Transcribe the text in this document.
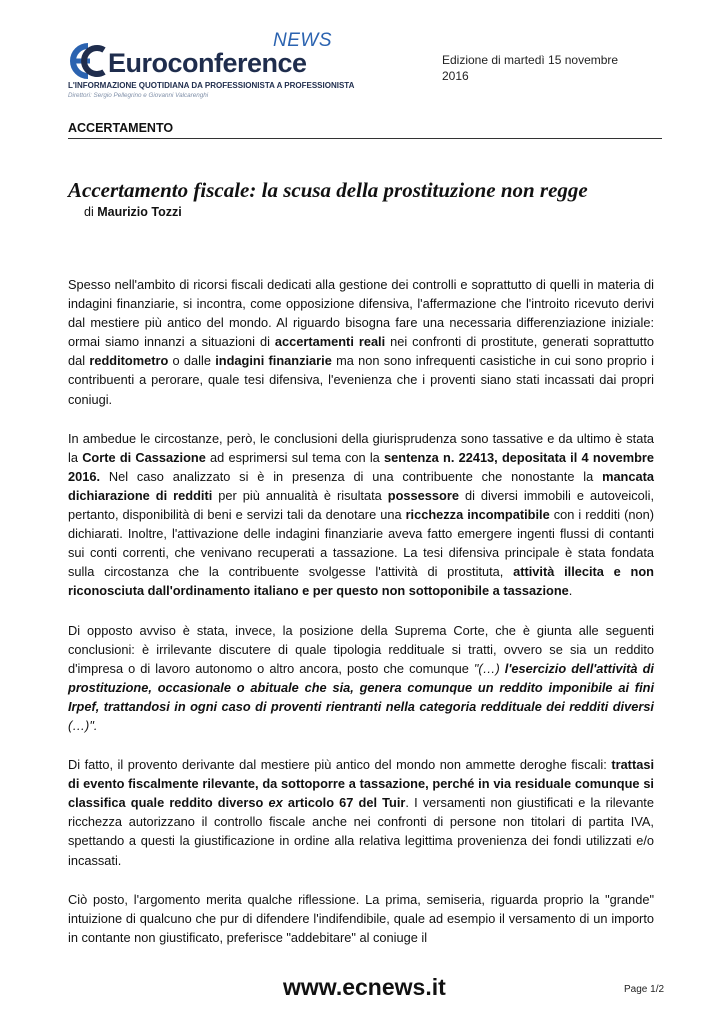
NEWS
Euroconference
L'INFORMAZIONE QUOTIDIANA DA PROFESSIONISTA A PROFESSIONISTA
Direttori: Sergio Pellegrino e Giovanni Valcarenghi
Edizione di martedì 15 novembre 2016
ACCERTAMENTO
Accertamento fiscale: la scusa della prostituzione non regge
di Maurizio Tozzi

Spesso nell'ambito di ricorsi fiscali dedicati alla gestione dei controlli e soprattutto di quelli in materia di indagini finanziarie, si incontra, come opposizione difensiva, l'affermazione che l'introito ricevuto derivi dal mestiere più antico del mondo. Al riguardo bisogna fare una necessaria differenziazione iniziale: ormai siamo innanzi a situazioni di accertamenti reali nei confronti di prostitute, generati soprattutto dal redditometro o dalle indagini finanziarie ma non sono infrequenti casistiche in cui sono proprio i contribuenti a perorare, quale tesi difensiva, l'evenienza che i proventi siano stati incassati dai propri coniugi.

In ambedue le circostanze, però, le conclusioni della giurisprudenza sono tassative e da ultimo è stata la Corte di Cassazione ad esprimersi sul tema con la sentenza n. 22413, depositata il 4 novembre 2016. Nel caso analizzato si è in presenza di una contribuente che nonostante la mancata dichiarazione di redditi per più annualità è risultata possessore di diversi immobili e autoveicoli, pertanto, disponibilità di beni e servizi tali da denotare una ricchezza incompatibile con i redditi (non) dichiarati. Inoltre, l'attivazione delle indagini finanziarie aveva fatto emergere ingenti flussi di contanti sui conti correnti, che venivano recuperati a tassazione. La tesi difensiva principale è stata fondata sulla circostanza che la contribuente svolgesse l'attività di prostituta, attività illecita e non riconosciuta dall'ordinamento italiano e per questo non sottoponibile a tassazione.

Di opposto avviso è stata, invece, la posizione della Suprema Corte, che è giunta alle seguenti conclusioni: è irrilevante discutere di quale tipologia reddituale si tratti, ovvero se sia un reddito d'impresa o di lavoro autonomo o altro ancora, posto che comunque "(…) l'esercizio dell'attività di prostituzione, occasionale o abituale che sia, genera comunque un reddito imponibile ai fini Irpef, trattandosi in ogni caso di proventi rientranti nella categoria reddituale dei redditi diversi (…)".

Di fatto, il provento derivante dal mestiere più antico del mondo non ammette deroghe fiscali: trattasi di evento fiscalmente rilevante, da sottoporre a tassazione, perché in via residuale comunque si classifica quale reddito diverso ex articolo 67 del Tuir. I versamenti non giustificati e la rilevante ricchezza autorizzano il controllo fiscale anche nei confronti di persone non titolari di partita IVA, spettando a questi la giustificazione in ordine alla relativa legittima provenienza dei fondi utilizzati e/o incassati.

Ciò posto, l'argomento merita qualche riflessione. La prima, semiseria, riguarda proprio la "grande" intuizione di qualcuno che pur di difendere l'indifendibile, quale ad esempio il versamento di un importo in contante non giustificato, preferisce "addebitare" al coniuge il

www.ecnews.it	Page 1/2
